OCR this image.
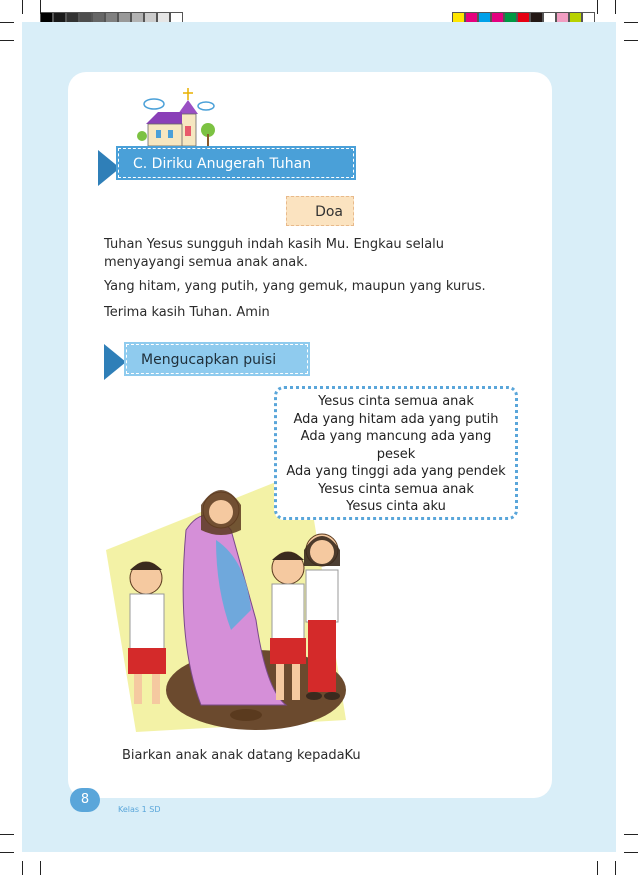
C. Diriku Anugerah Tuhan
Doa
Tuhan Yesus sungguh indah kasih Mu. Engkau selalu
menyayangi semua anak anak.
Yang hitam, yang putih, yang gemuk, maupun yang kurus.
Terima kasih Tuhan. Amin
Mengucapkan puisi
Yesus cinta semua anak
Ada yang hitam ada yang putih
Ada yang mancung ada yang
pesek
Ada yang tinggi ada yang pendek
Yesus cinta semua anak
Yesus cinta aku
Biarkan anak anak datang kepadaKu
8
Kelas 1 SD
